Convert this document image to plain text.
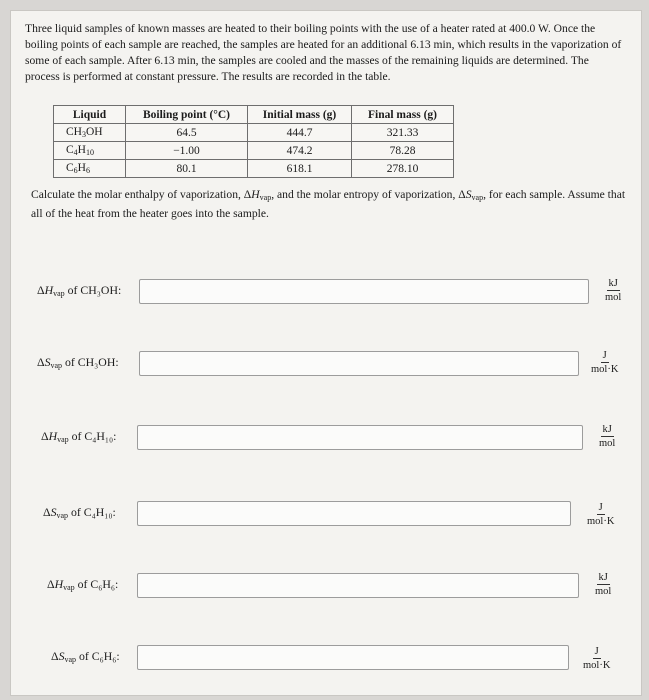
Three liquid samples of known masses are heated to their boiling points with the use of a heater rated at 400.0 W. Once the boiling points of each sample are reached, the samples are heated for an additional 6.13 min, which results in the vaporization of some of each sample. After 6.13 min, the samples are cooled and the masses of the remaining liquids are determined. The process is performed at constant pressure. The results are recorded in the table.

Liquid	Boiling point (°C)	Initial mass (g)	Final mass (g)
$CH_3OH$	64.5	444.7	321.33
$C_4H_{10}$	−1.00	474.2	78.28
$C_6H_6$	80.1	618.1	278.10

Calculate the molar enthalpy of vaporization, $\Delta H_{vap}$, and the molar entropy of vaporization, $\Delta S_{vap}$, for each sample. Assume that all of the heat from the heater goes into the sample.

$\Delta H_{vap}$ of CH₃OH:	kJ
mol
$\Delta S_{vap}$ of CH₃OH:	J
mol·K
$\Delta H_{vap}$ of C₄H₁₀:	kJ
mol
$\Delta S_{vap}$ of C₄H₁₀:	J
mol·K
$\Delta H_{vap}$ of C₆H₆:	kJ
mol
$\Delta S_{vap}$ of C₆H₆:	J
mol·K
